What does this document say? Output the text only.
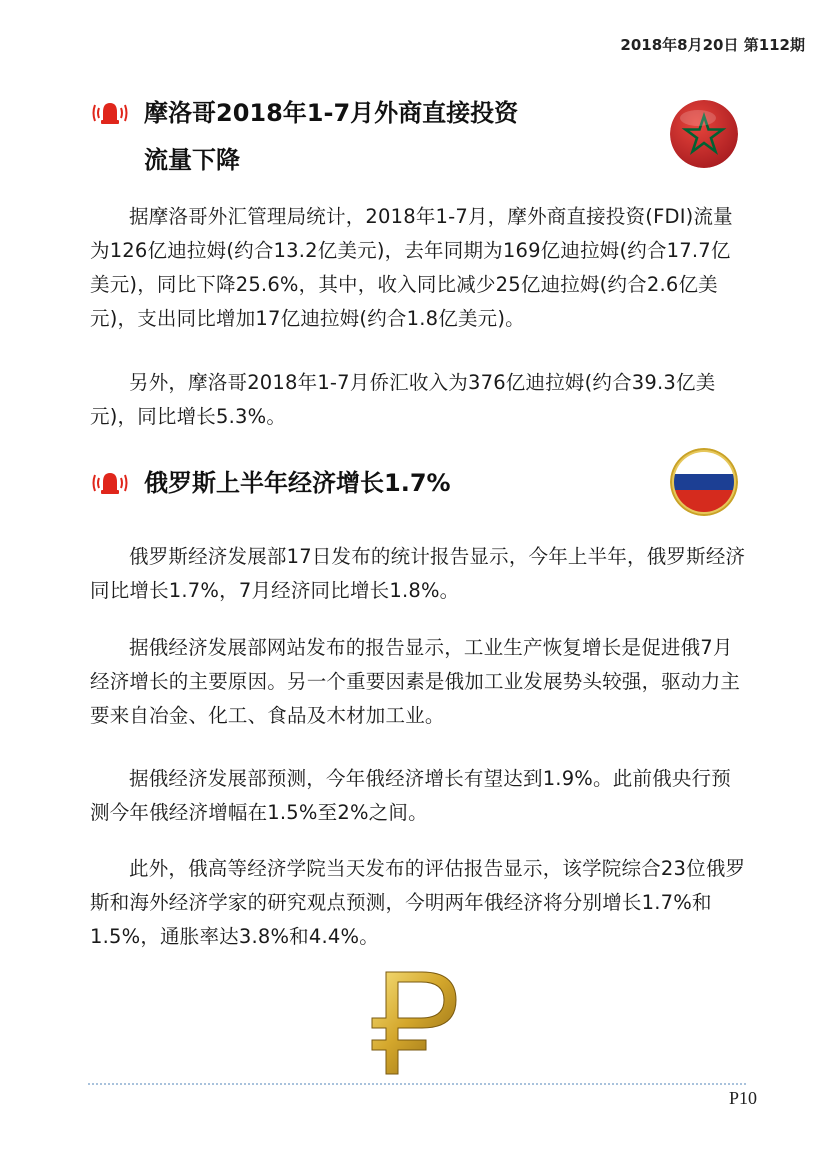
2018年8月20日 第112期
摩洛哥2018年1-7月外商直接投资
流量下降

据摩洛哥外汇管理局统计，2018年1-7月，摩外商直接投资(FDI)流量为126亿迪拉姆(约合13.2亿美元)，去年同期为169亿迪拉姆(约合17.7亿美元)，同比下降25.6%，其中，收入同比减少25亿迪拉姆(约合2.6亿美元)，支出同比增加17亿迪拉姆(约合1.8亿美元)。

另外，摩洛哥2018年1-7月侨汇收入为376亿迪拉姆(约合39.3亿美元)，同比增长5.3%。

俄罗斯上半年经济增长1.7%

俄罗斯经济发展部17日发布的统计报告显示，今年上半年，俄罗斯经济同比增长1.7%，7月经济同比增长1.8%。

据俄经济发展部网站发布的报告显示，工业生产恢复增长是促进俄7月经济增长的主要原因。另一个重要因素是俄加工业发展势头较强，驱动力主要来自冶金、化工、食品及木材加工业。

据俄经济发展部预测，今年俄经济增长有望达到1.9%。此前俄央行预测今年俄经济增幅在1.5%至2%之间。

此外，俄高等经济学院当天发布的评估报告显示，该学院综合23位俄罗斯和海外经济学家的研究观点预测，今明两年俄经济将分别增长1.7%和1.5%，通胀率达3.8%和4.4%。

P10
